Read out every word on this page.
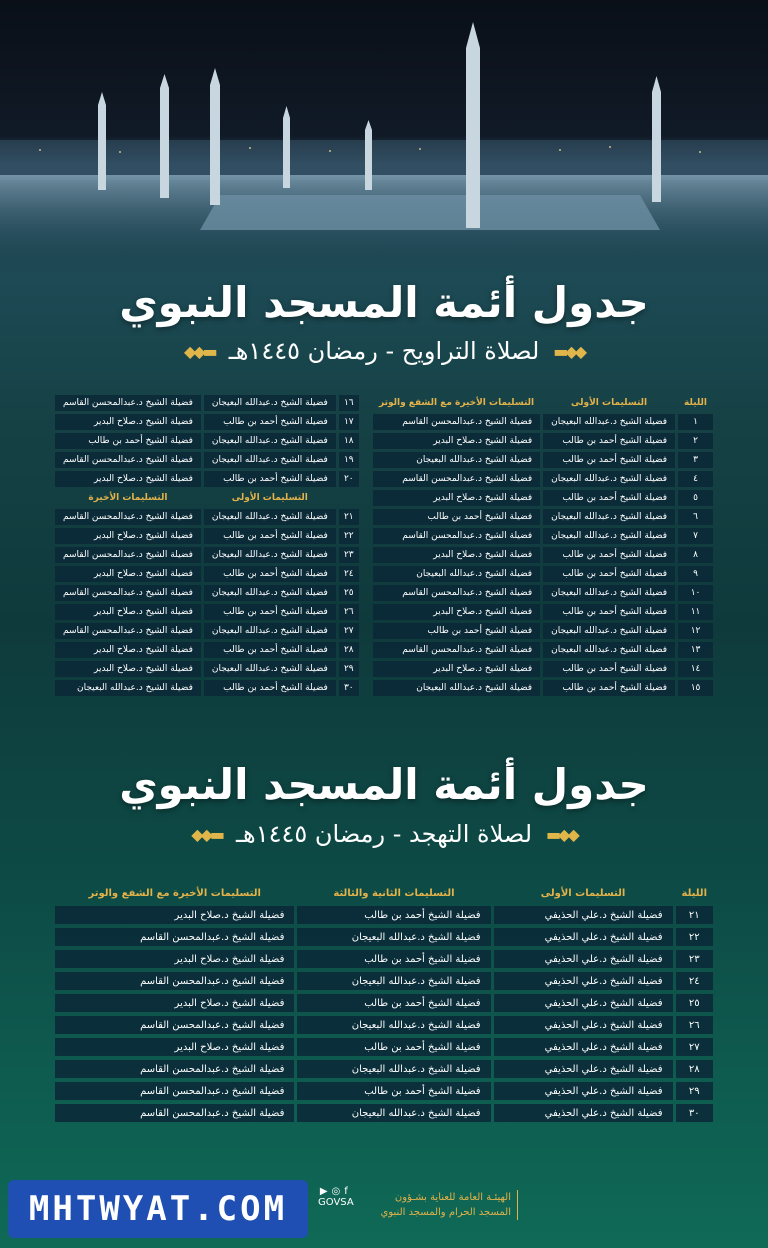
جدول أئمة المسجد النبوي
◆◆▬
لصلاة التراويح - رمضان ١٤٤٥هـ
▬◆◆
الليلة	التسليمات الأولى	التسليمات الأخيرة مع الشفع والوتر
١	فضيلة الشيخ د.عبدالله البعيجان	فضيلة الشيخ د.عبدالمحسن القاسم
٢	فضيلة الشيخ أحمد بن طالب	فضيلة الشيخ د.صلاح البدير
٣	فضيلة الشيخ أحمد بن طالب	فضيلة الشيخ د.عبدالله البعيجان
٤	فضيلة الشيخ د.عبدالله البعيجان	فضيلة الشيخ د.عبدالمحسن القاسم
٥	فضيلة الشيخ أحمد بن طالب	فضيلة الشيخ د.صلاح البدير
٦	فضيلة الشيخ د.عبدالله البعيجان	فضيلة الشيخ أحمد بن طالب
٧	فضيلة الشيخ د.عبدالله البعيجان	فضيلة الشيخ د.عبدالمحسن القاسم
٨	فضيلة الشيخ أحمد بن طالب	فضيلة الشيخ د.صلاح البدير
٩	فضيلة الشيخ أحمد بن طالب	فضيلة الشيخ د.عبدالله البعيجان
١٠	فضيلة الشيخ د.عبدالله البعيجان	فضيلة الشيخ د.عبدالمحسن القاسم
١١	فضيلة الشيخ أحمد بن طالب	فضيلة الشيخ د.صلاح البدير
١٢	فضيلة الشيخ د.عبدالله البعيجان	فضيلة الشيخ أحمد بن طالب
١٣	فضيلة الشيخ د.عبدالله البعيجان	فضيلة الشيخ د.عبدالمحسن القاسم
١٤	فضيلة الشيخ أحمد بن طالب	فضيلة الشيخ د.صلاح البدير
١٥	فضيلة الشيخ أحمد بن طالب	فضيلة الشيخ د.عبدالله البعيجان
١٦	فضيلة الشيخ د.عبدالله البعيجان	فضيلة الشيخ د.عبدالمحسن القاسم
١٧	فضيلة الشيخ أحمد بن طالب	فضيلة الشيخ د.صلاح البدير
١٨	فضيلة الشيخ د.عبدالله البعيجان	فضيلة الشيخ أحمد بن طالب
١٩	فضيلة الشيخ د.عبدالله البعيجان	فضيلة الشيخ د.عبدالمحسن القاسم
٢٠	فضيلة الشيخ أحمد بن طالب	فضيلة الشيخ د.صلاح البدير
	التسليمات الأولى	التسليمات الأخيرة
٢١	فضيلة الشيخ د.عبدالله البعيجان	فضيلة الشيخ د.عبدالمحسن القاسم
٢٢	فضيلة الشيخ أحمد بن طالب	فضيلة الشيخ د.صلاح البدير
٢٣	فضيلة الشيخ د.عبدالله البعيجان	فضيلة الشيخ د.عبدالمحسن القاسم
٢٤	فضيلة الشيخ أحمد بن طالب	فضيلة الشيخ د.صلاح البدير
٢٥	فضيلة الشيخ د.عبدالله البعيجان	فضيلة الشيخ د.عبدالمحسن القاسم
٢٦	فضيلة الشيخ أحمد بن طالب	فضيلة الشيخ د.صلاح البدير
٢٧	فضيلة الشيخ د.عبدالله البعيجان	فضيلة الشيخ د.عبدالمحسن القاسم
٢٨	فضيلة الشيخ أحمد بن طالب	فضيلة الشيخ د.صلاح البدير
٢٩	فضيلة الشيخ د.عبدالله البعيجان	فضيلة الشيخ د.صلاح البدير
٣٠	فضيلة الشيخ أحمد بن طالب	فضيلة الشيخ د.عبدالله البعيجان
جدول أئمة المسجد النبوي
◆◆▬
لصلاة التهجد - رمضان ١٤٤٥هـ
▬◆◆
الليلة	التسليمات الأولى	التسليمات الثانية والثالثة	التسليمات الأخيرة مع الشفع والوتر
٢١	فضيلة الشيخ د.علي الحذيفي	فضيلة الشيخ أحمد بن طالب	فضيلة الشيخ د.صلاح البدير
٢٢	فضيلة الشيخ د.علي الحذيفي	فضيلة الشيخ د.عبدالله البعيجان	فضيلة الشيخ د.عبدالمحسن القاسم
٢٣	فضيلة الشيخ د.علي الحذيفي	فضيلة الشيخ أحمد بن طالب	فضيلة الشيخ د.صلاح البدير
٢٤	فضيلة الشيخ د.علي الحذيفي	فضيلة الشيخ د.عبدالله البعيجان	فضيلة الشيخ د.عبدالمحسن القاسم
٢٥	فضيلة الشيخ د.علي الحذيفي	فضيلة الشيخ أحمد بن طالب	فضيلة الشيخ د.صلاح البدير
٢٦	فضيلة الشيخ د.علي الحذيفي	فضيلة الشيخ د.عبدالله البعيجان	فضيلة الشيخ د.عبدالمحسن القاسم
٢٧	فضيلة الشيخ د.علي الحذيفي	فضيلة الشيخ أحمد بن طالب	فضيلة الشيخ د.صلاح البدير
٢٨	فضيلة الشيخ د.علي الحذيفي	فضيلة الشيخ د.عبدالله البعيجان	فضيلة الشيخ د.عبدالمحسن القاسم
٢٩	فضيلة الشيخ د.علي الحذيفي	فضيلة الشيخ أحمد بن طالب	فضيلة الشيخ د.عبدالمحسن القاسم
٣٠	فضيلة الشيخ د.علي الحذيفي	فضيلة الشيخ د.عبدالله البعيجان	فضيلة الشيخ د.عبدالمحسن القاسم
MHTWYAT.COM	▶◎f
GOVSA	الهيئـة العامة للعناية بشـؤون
المسجد الحرام والمسجد النبوي
